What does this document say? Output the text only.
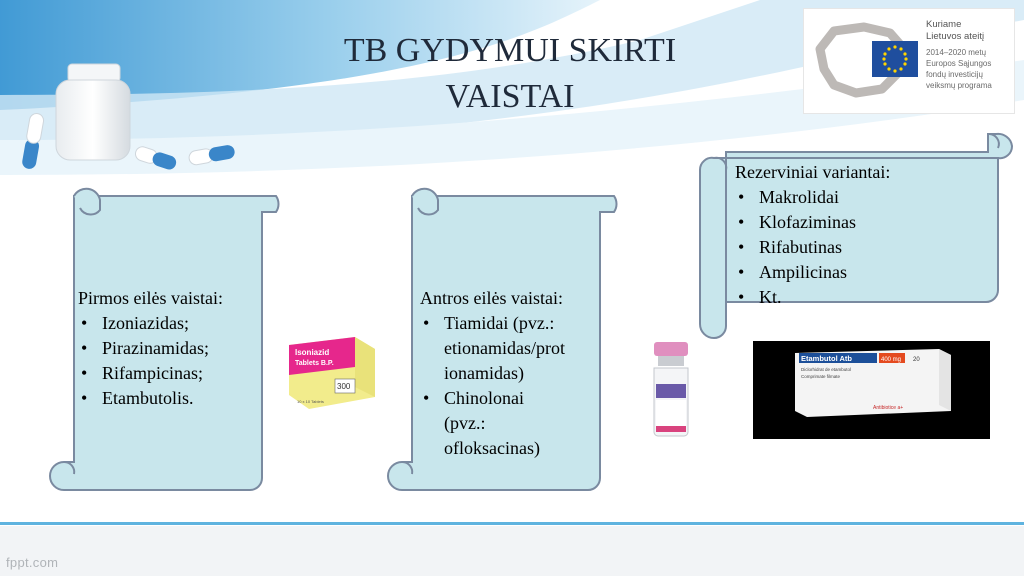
TB GYDYMUI SKIRTI
VAISTAI
Kuriame
Lietuvos ateitį
2014–2020 metų
Europos Sąjungos
fondų investicijų
veiksmų programa
Pirmos eilės vaistai:
• Izoniazidas;
• Pirazinamidas;
• Rifampicinas;
• Etambutolis.
Isoniazid
Tablets B.P.
300
10 x 10 Tablets
Antros eilės vaistai:
• Tiamidai (pvz.:
etionamidas/prot
ionamidas)
• Chinolonai
(pvz.:
ofloksacinas)
Rezerviniai variantai:
• Makrolidai
• Klofaziminas
• Rifabutinas
• Ampilicinas
• Kt.
Etambutol Atb	400 mg 20
Diclorhidrat de etambutol
Comprimate filmate
Antibiotice a+
fppt.com
